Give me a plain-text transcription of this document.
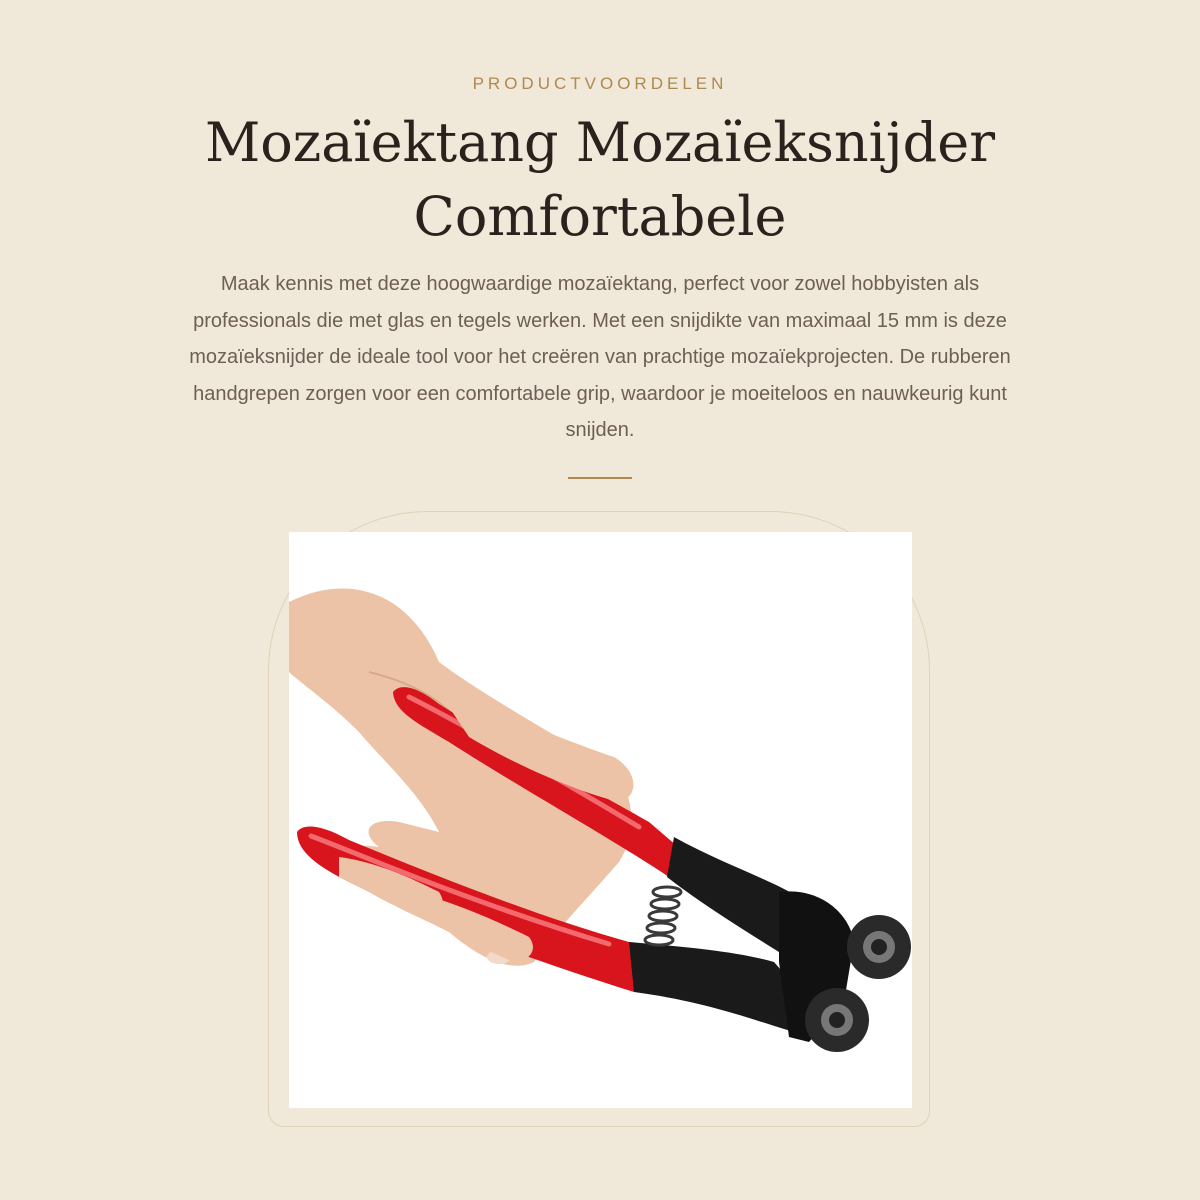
PRODUCTVOORDELEN
Mozaïektang Mozaïeksnijder Comfortabele

Maak kennis met deze hoogwaardige mozaïektang, perfect voor zowel hobbyisten als professionals die met glas en tegels werken. Met een snijdikte van maximaal 15 mm is deze mozaïeksnijder de ideale tool voor het creëren van prachtige mozaïekprojecten. De rubberen handgrepen zorgen voor een comfortabele grip, waardoor je moeiteloos en nauwkeurig kunt snijden.
